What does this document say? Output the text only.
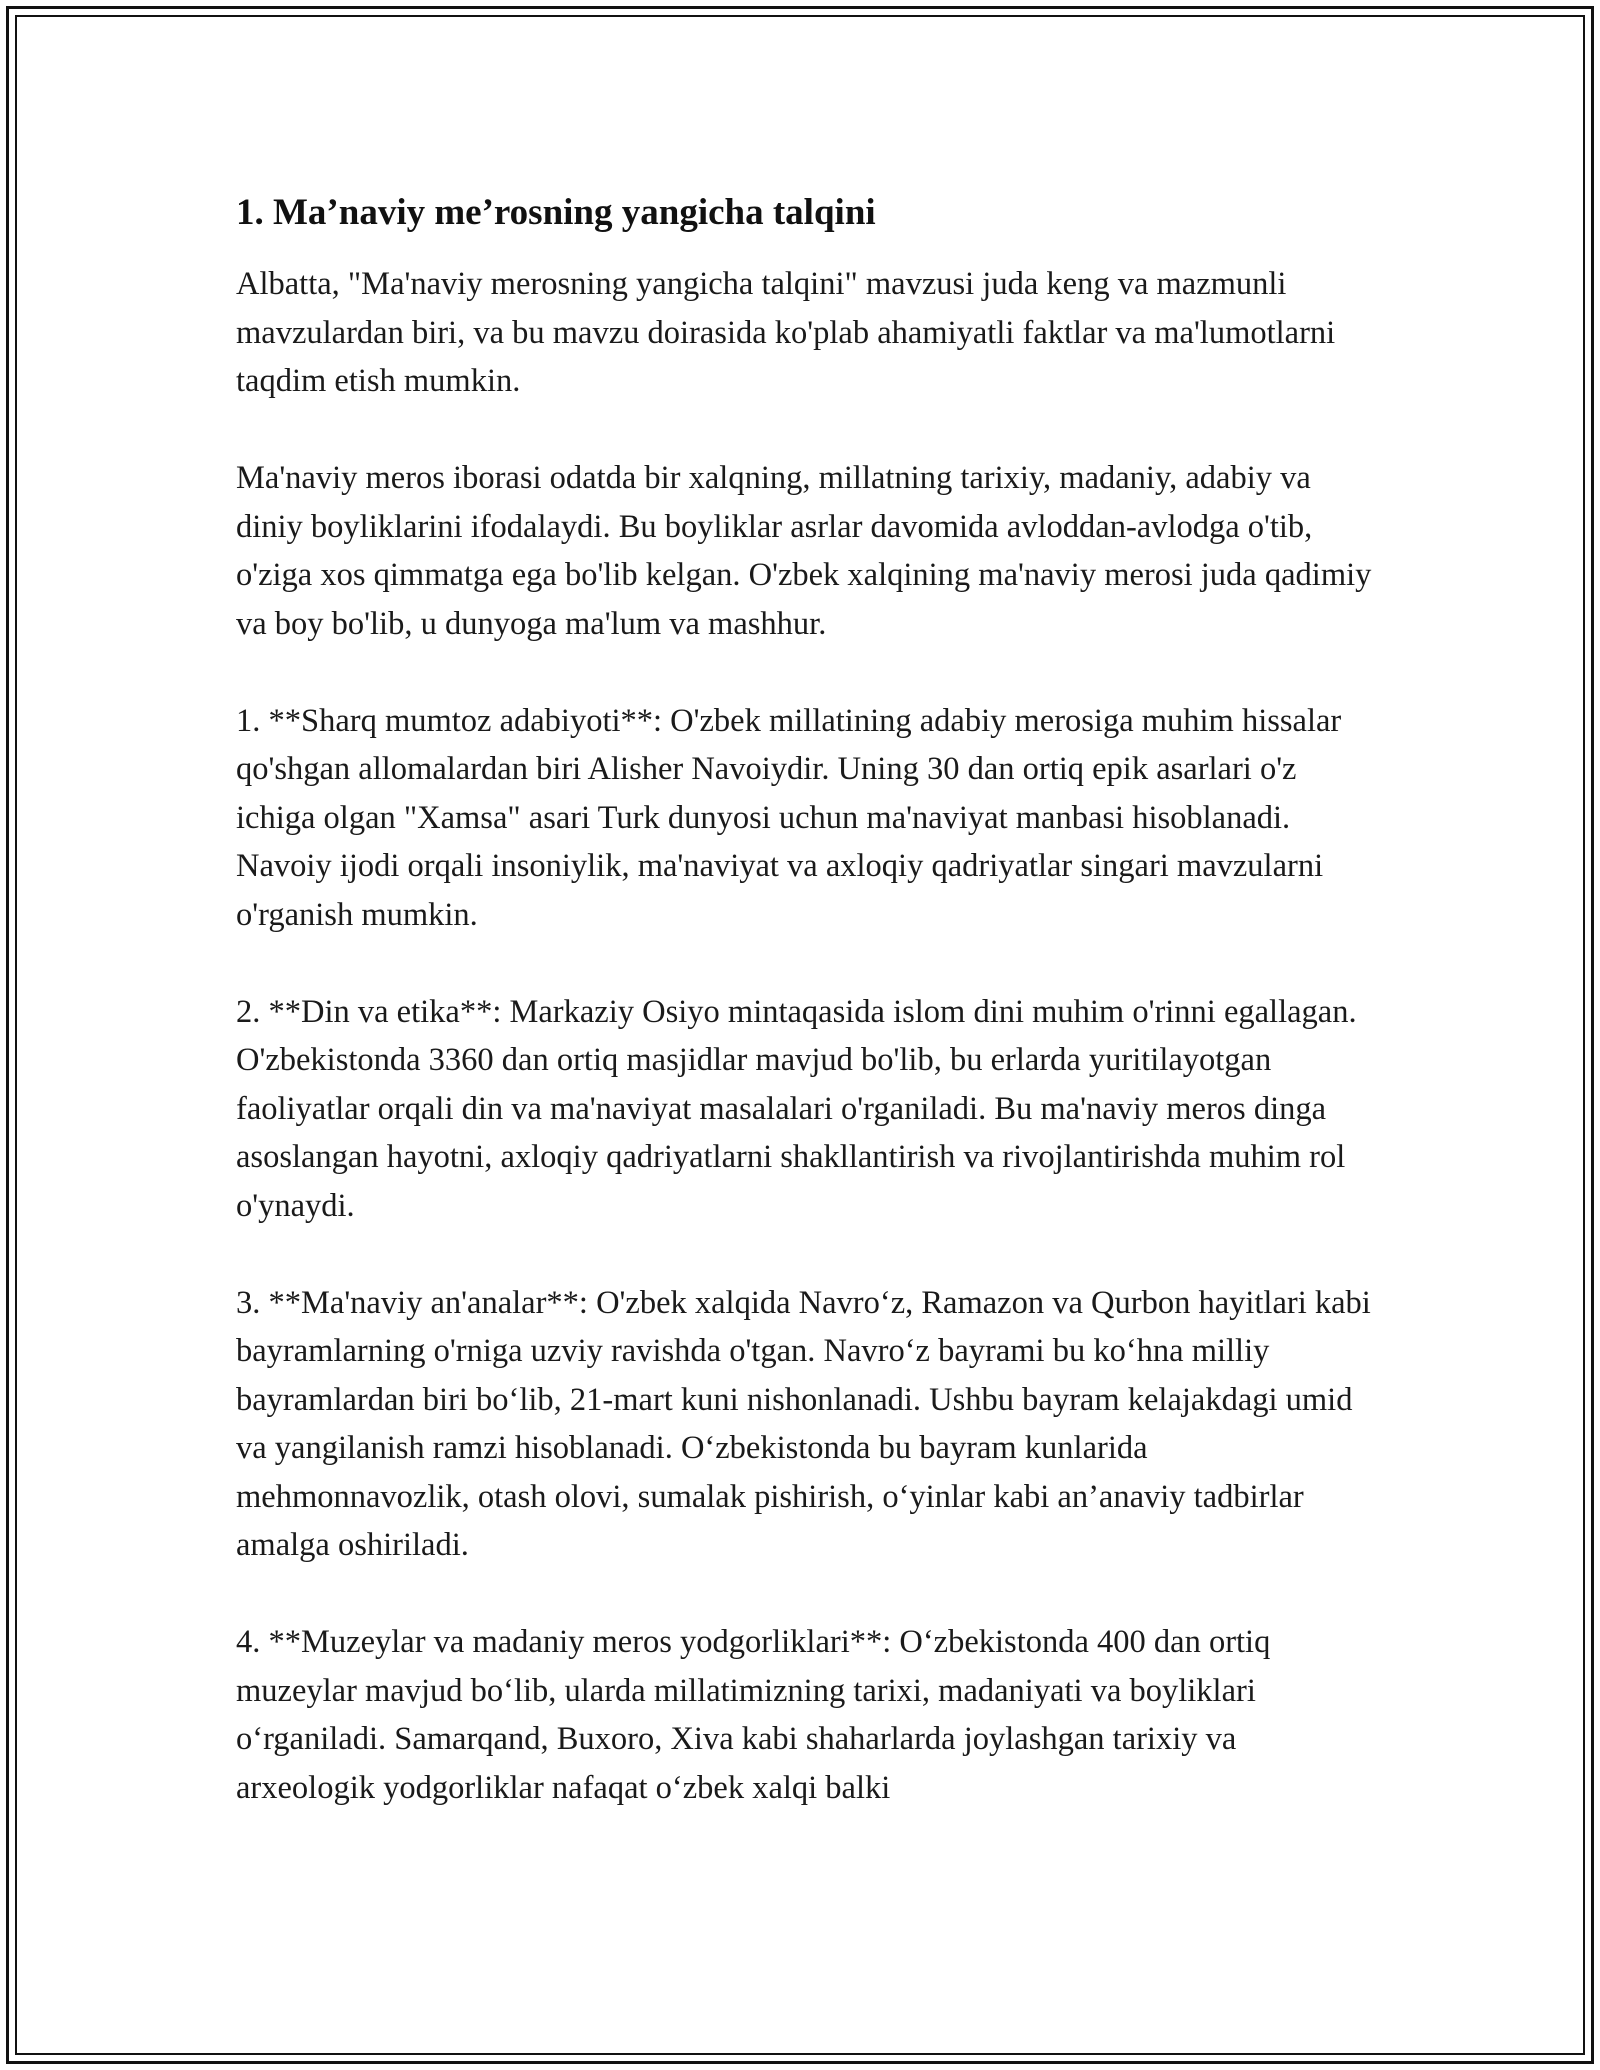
1. Ma’naviy me’rosning yangicha talqini

Albatta, "Ma'naviy merosning yangicha talqini" mavzusi juda keng va mazmunli mavzulardan biri, va bu mavzu doirasida ko'plab ahamiyatli faktlar va ma'lumotlarni taqdim etish mumkin.

Ma'naviy meros iborasi odatda bir xalqning, millatning tarixiy, madaniy, adabiy va diniy boyliklarini ifodalaydi. Bu boyliklar asrlar davomida avloddan-avlodga o'tib, o'ziga xos qimmatga ega bo'lib kelgan. O'zbek xalqining ma'naviy merosi juda qadimiy va boy bo'lib, u dunyoga ma'lum va mashhur.

1. **Sharq mumtoz adabiyoti**: O'zbek millatining adabiy merosiga muhim hissalar qo'shgan allomalardan biri Alisher Navoiydir. Uning 30 dan ortiq epik asarlari o'z ichiga olgan "Xamsa" asari Turk dunyosi uchun ma'naviyat manbasi hisoblanadi. Navoiy ijodi orqali insoniylik, ma'naviyat va axloqiy qadriyatlar singari mavzularni o'rganish mumkin.

2. **Din va etika**: Markaziy Osiyo mintaqasida islom dini muhim o'rinni egallagan. O'zbekistonda 3360 dan ortiq masjidlar mavjud bo'lib, bu erlarda yuritilayotgan faoliyatlar orqali din va ma'naviyat masalalari o'rganiladi. Bu ma'naviy meros dinga asoslangan hayotni, axloqiy qadriyatlarni shakllantirish va rivojlantirishda muhim rol o'ynaydi.

3. **Ma'naviy an'analar**: O'zbek xalqida Navro‘z, Ramazon va Qurbon hayitlari kabi bayramlarning o'rniga uzviy ravishda o'tgan. Navro‘z bayrami bu ko‘hna milliy bayramlardan biri bo‘lib, 21-mart kuni nishonlanadi. Ushbu bayram kelajakdagi umid va yangilanish ramzi hisoblanadi. O‘zbekistonda bu bayram kunlarida mehmonnavozlik, otash olovi, sumalak pishirish, o‘yinlar kabi an’anaviy tadbirlar amalga oshiriladi.

4. **Muzeylar va madaniy meros yodgorliklari**: O‘zbekistonda 400 dan ortiq muzeylar mavjud bo‘lib, ularda millatimizning tarixi, madaniyati va boyliklari o‘rganiladi. Samarqand, Buxoro, Xiva kabi shaharlarda joylashgan tarixiy va arxeologik yodgorliklar nafaqat o‘zbek xalqi balki
